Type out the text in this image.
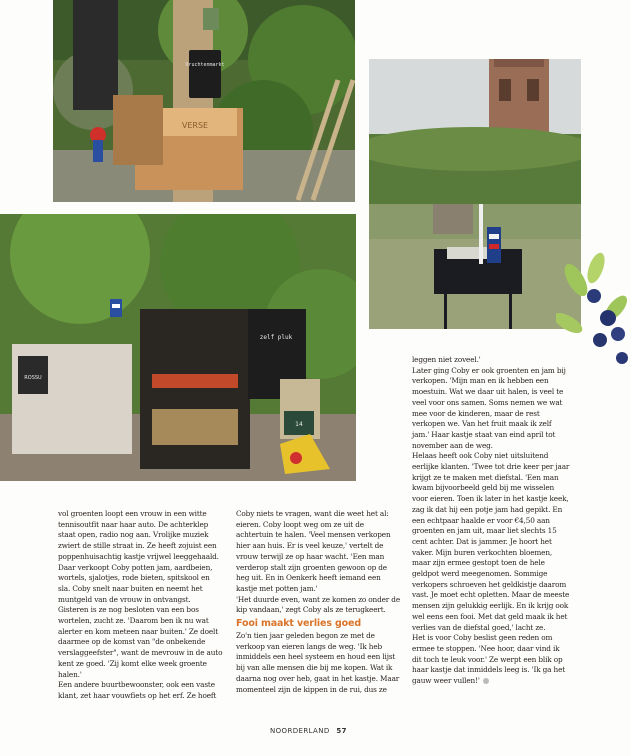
Vruchtenmarkt
VERSE
ROSSU
zelf pluk
14

leggen niet zoveel.'

Later ging Coby er ook groenten en jam bij

verkopen. 'Mijn man en ik hebben een

moestuin. Wat we daar uit halen, is veel te

veel voor ons samen. Soms nemen we wat

mee voor de kinderen, maar de rest

verkopen we. Van het fruit maak ik zelf

jam.' Haar kastje staat van eind april tot

november aan de weg.

Helaas heeft ook Coby niet uitsluitend

eerlijke klanten. 'Twee tot drie keer per jaar

krijgt ze te maken met diefstal. 'Een man

kwam bijvoorbeeld geld bij me wisselen

voor eieren. Toen ik later in het kastje keek,

zag ik dat hij een potje jam had gepikt. En

een echtpaar haalde er voor €4,50 aan

groenten en jam uit, maar liet slechts 15

cent achter. Dat is jammer. Je hoort het

vaker. Mijn buren verkochten bloemen,

maar zijn ermee gestopt toen de hele

geldpot werd meegenomen. Sommige

verkopers schroeven het geldkistje daarom

vast. Je moet echt opletten. Maar de meeste

mensen zijn gelukkig eerlijk. En ik krijg ook

wel eens een fooi. Met dat geld maak ik het

verlies van de diefstal goed,' lacht ze.

Het is voor Coby beslist geen reden om

ermee te stoppen. 'Nee hoor, daar vind ik

dit toch te leuk voor.' Ze werpt een blik op

haar kastje dat inmiddels leeg is. 'Ik ga het

gauw weer vullen!'

vol groenten loopt een vrouw in een witte

tennisoutfit naar haar auto. De achterklep

staat open, radio nog aan. Vrolijke muziek

zwiert de stille straat in. Ze heeft zojuist een

poppenhuisachtig kastje vrijwel leeggehaald.

Daar verkoopt Coby potten jam, aardbeien,

wortels, sjalotjes, rode bieten, spitskool en

sla. Coby snelt naar buiten en neemt het

muntgeld van de vrouw in ontvangst.

Gisteren is ze nog besloten van een bos

wortelen, zucht ze. 'Daarom ben ik nu wat

alerter en kom meteen naar buiten.' Ze doelt

daarmee op de komst van "de onbekende

verslaggeefster", want de mevrouw in de auto

kent ze goed. 'Zij komt elke week groente

halen.'

Een andere buurtbewoonster, ook een vaste

klant, zet haar vouwfiets op het erf. Ze hoeft

Coby niets te vragen, want die weet het al:

eieren. Coby loopt weg om ze uit de

achtertuin te halen. 'Veel mensen verkopen

hier aan huis. Er is veel keuze,' vertelt de

vrouw terwijl ze op haar wacht. 'Een man

verderop stalt zijn groenten gewoon op de

heg uit. En in Oenkerk heeft iemand een

kastje met potten jam.'

'Het duurde even, want ze komen zo onder de

kip vandaan,' zegt Coby als ze terugkeert.

Fooi maakt verlies goed

Zo'n tien jaar geleden begon ze met de

verkoop van eieren langs de weg. 'Ik heb

inmiddels een heel systeem en houd een lijst

bij van alle mensen die bij me kopen. Wat ik

daarna nog over heb, gaat in het kastje. Maar

momenteel zijn de kippen in de rui, dus ze

NOORDERLAND 57
